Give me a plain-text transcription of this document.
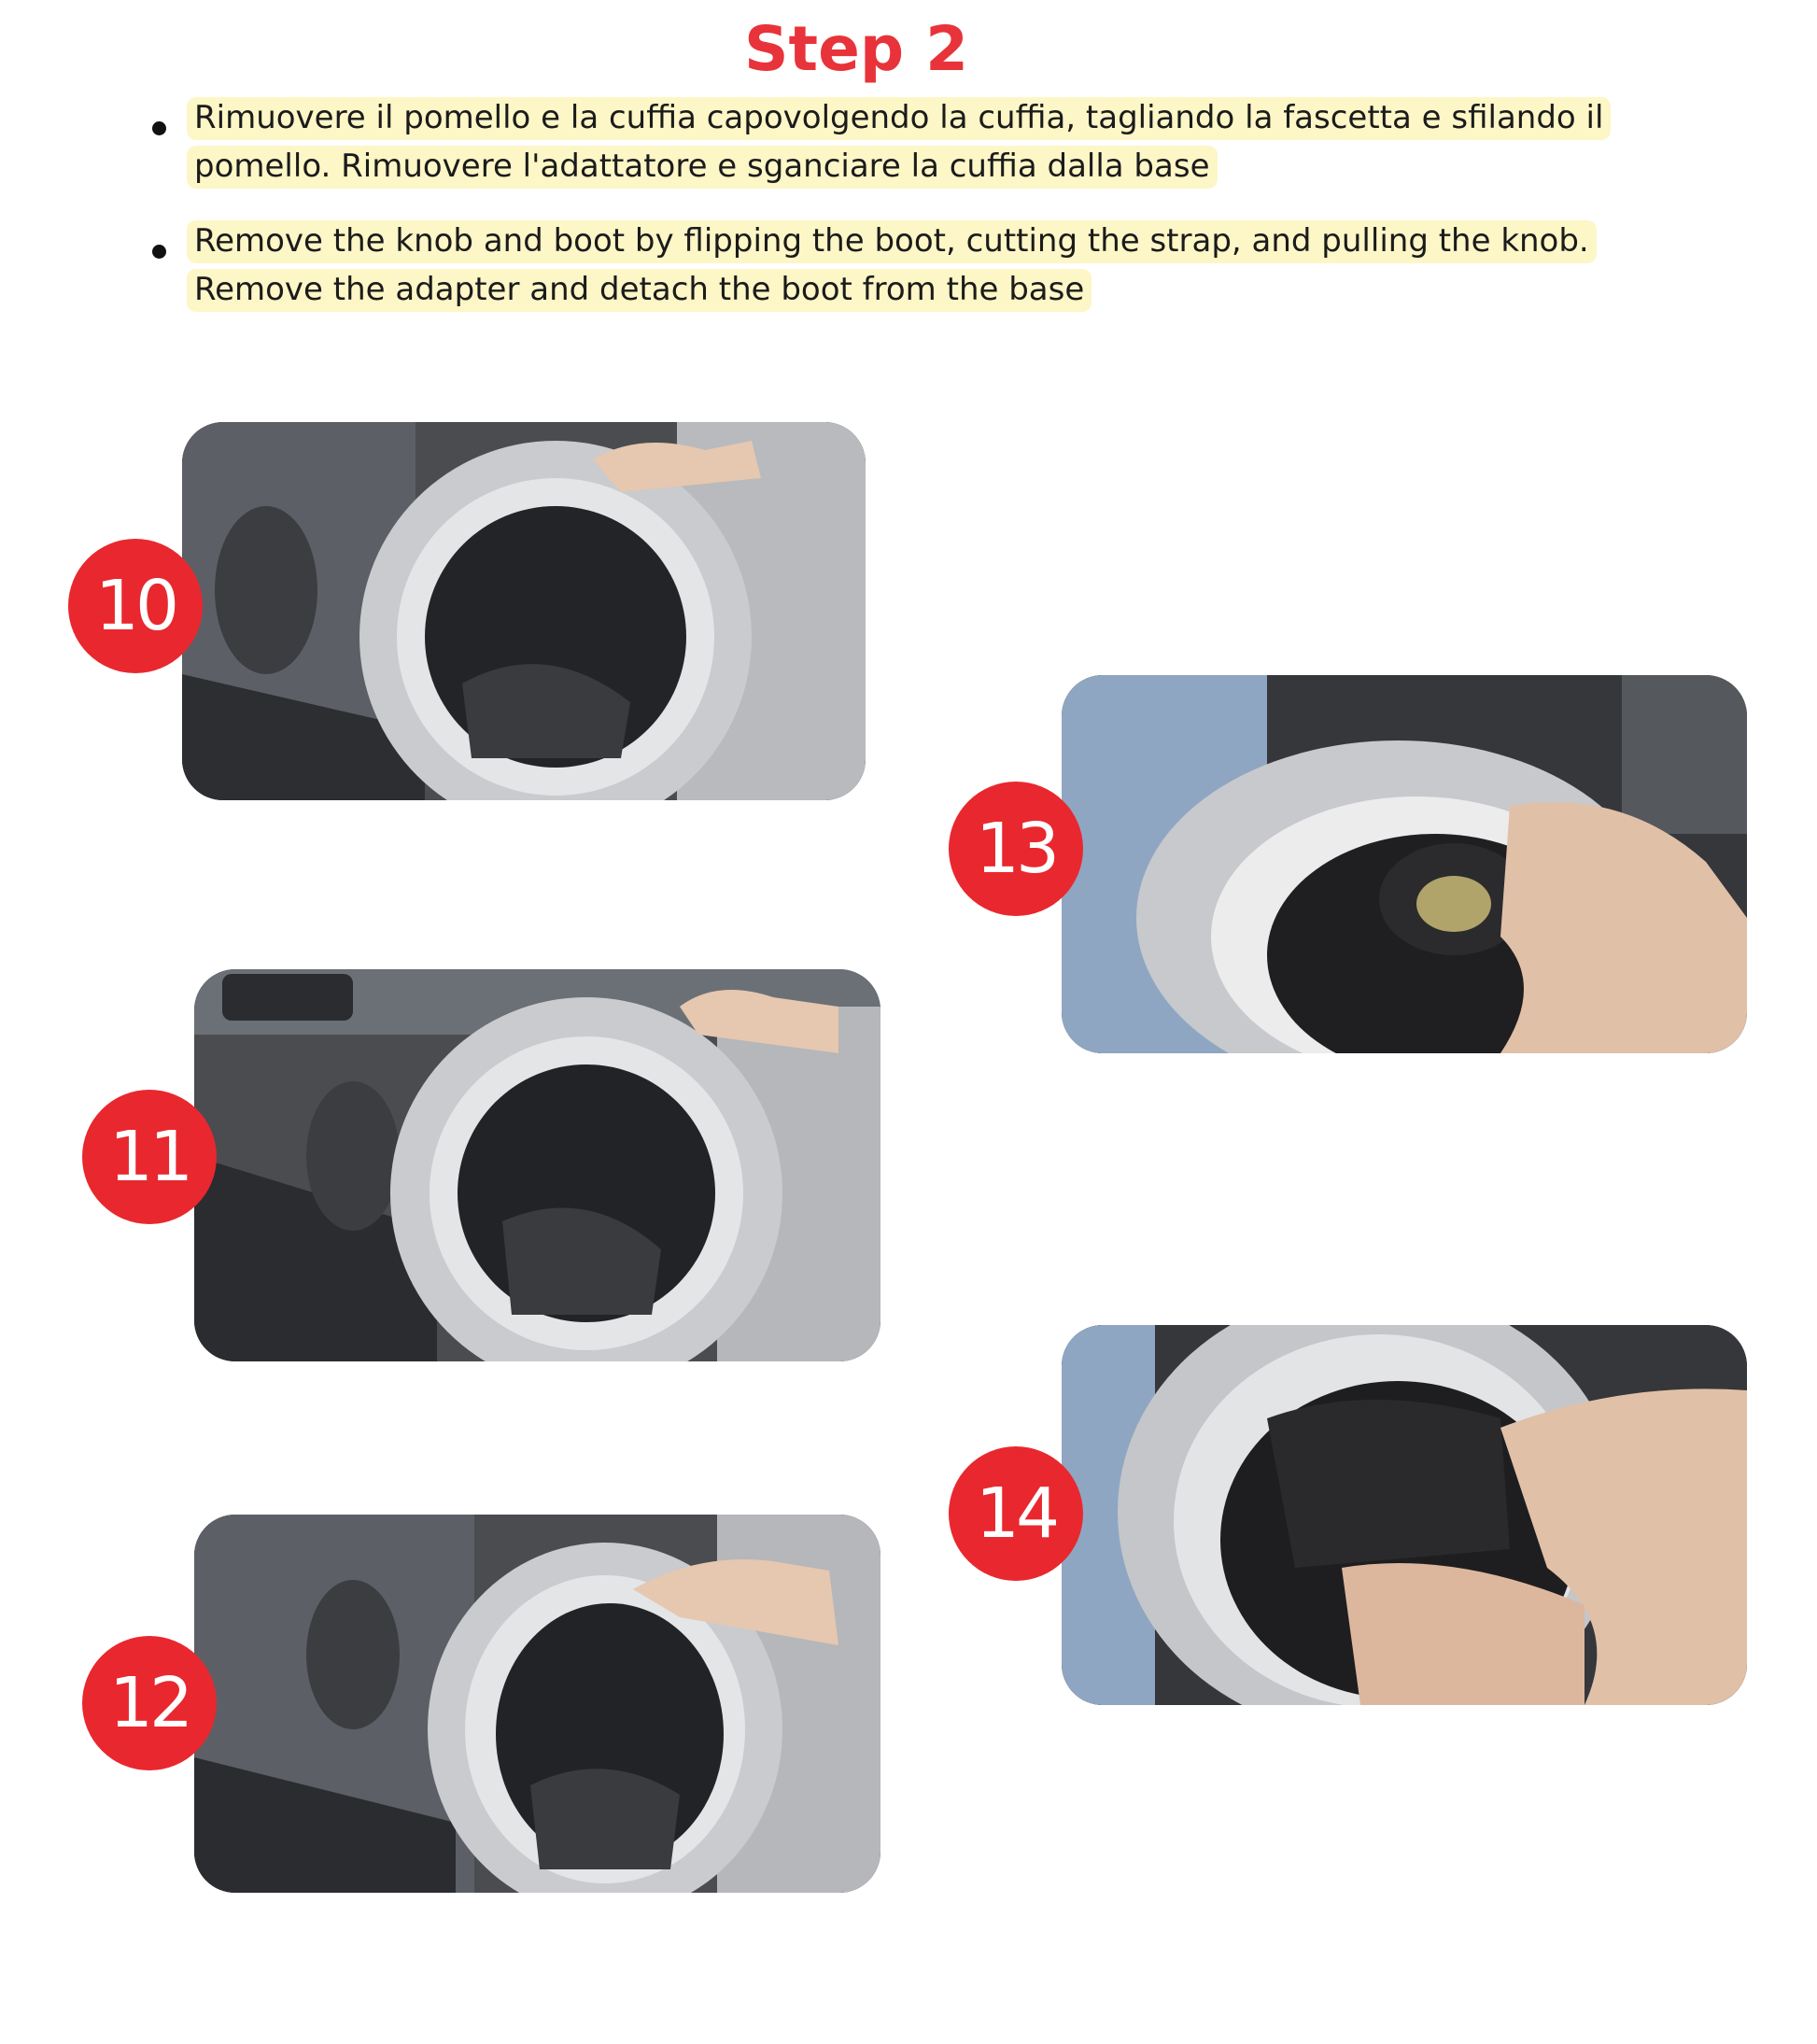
Step 2
Rimuovere il pomello e la cuffia capovolgendo la cuffia, tagliando la fascetta e sfilando il pomello. Rimuovere l'adattatore e sganciare la cuffia dalla base
Remove the knob and boot by flipping the boot, cutting the strap, and pulling the knob. Remove the adapter and detach the boot from the base
10
11
12
13
14
